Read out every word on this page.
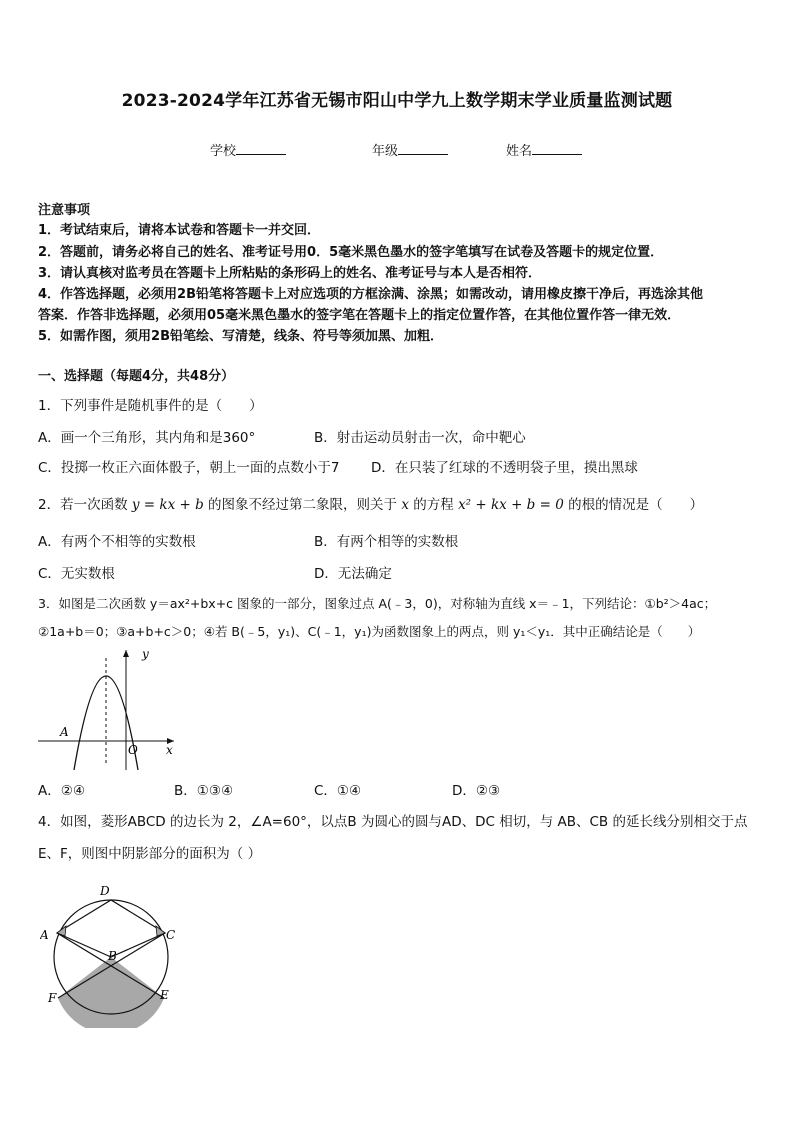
2023-2024学年江苏省无锡市阳山中学九上数学期末学业质量监测试题
学校	年级	姓名
注意事项
1．考试结束后，请将本试卷和答题卡一并交回．
2．答题前，请务必将自己的姓名、准考证号用0．5毫米黑色墨水的签字笔填写在试卷及答题卡的规定位置．
3．请认真核对监考员在答题卡上所粘贴的条形码上的姓名、准考证号与本人是否相符．
4．作答选择题，必须用2B铅笔将答题卡上对应选项的方框涂满、涂黑；如需改动，请用橡皮擦干净后，再选涂其他
答案．作答非选择题，必须用05毫米黑色墨水的签字笔在答题卡上的指定位置作答，在其他位置作答一律无效．
5．如需作图，须用2B铅笔绘、写清楚，线条、符号等须加黑、加粗．
一、选择题（每题4分，共48分）
1．下列事件是随机事件的是（　　）
A．画一个三角形，其内角和是360°	B．射击运动员射击一次，命中靶心
C．投掷一枚正六面体骰子，朝上一面的点数小于7 D．在只装了红球的不透明袋子里，摸出黑球
2．若一次函数 y = kx + b 的图象不经过第二象限，则关于 x 的方程 x² + kx + b = 0 的根的情况是（　　）
A．有两个不相等的实数根	B．有两个相等的实数根
C．无实数根	D．无法确定
3．如图是二次函数 y＝ax²+bx+c 图象的一部分，图象过点 A(﹣3，0)，对称轴为直线 x＝﹣1，下列结论：①b²＞4ac；
②1a+b＝0；③a+b+c＞0；④若 B(﹣5，y₁)、C(﹣1，y₁)为函数图象上的两点，则 y₁＜y₁．其中正确结论是（　　）
y
x
O
A
A．②④	B．①③④	C．①④	D．②③
4．如图，菱形ABCD 的边长为 2，∠A=60°，以点B 为圆心的圆与AD、DC 相切，与 AB、CB 的延长线分别相交于点
E、F，则图中阴影部分的面积为（ ）
D
A	C
B
F	E
